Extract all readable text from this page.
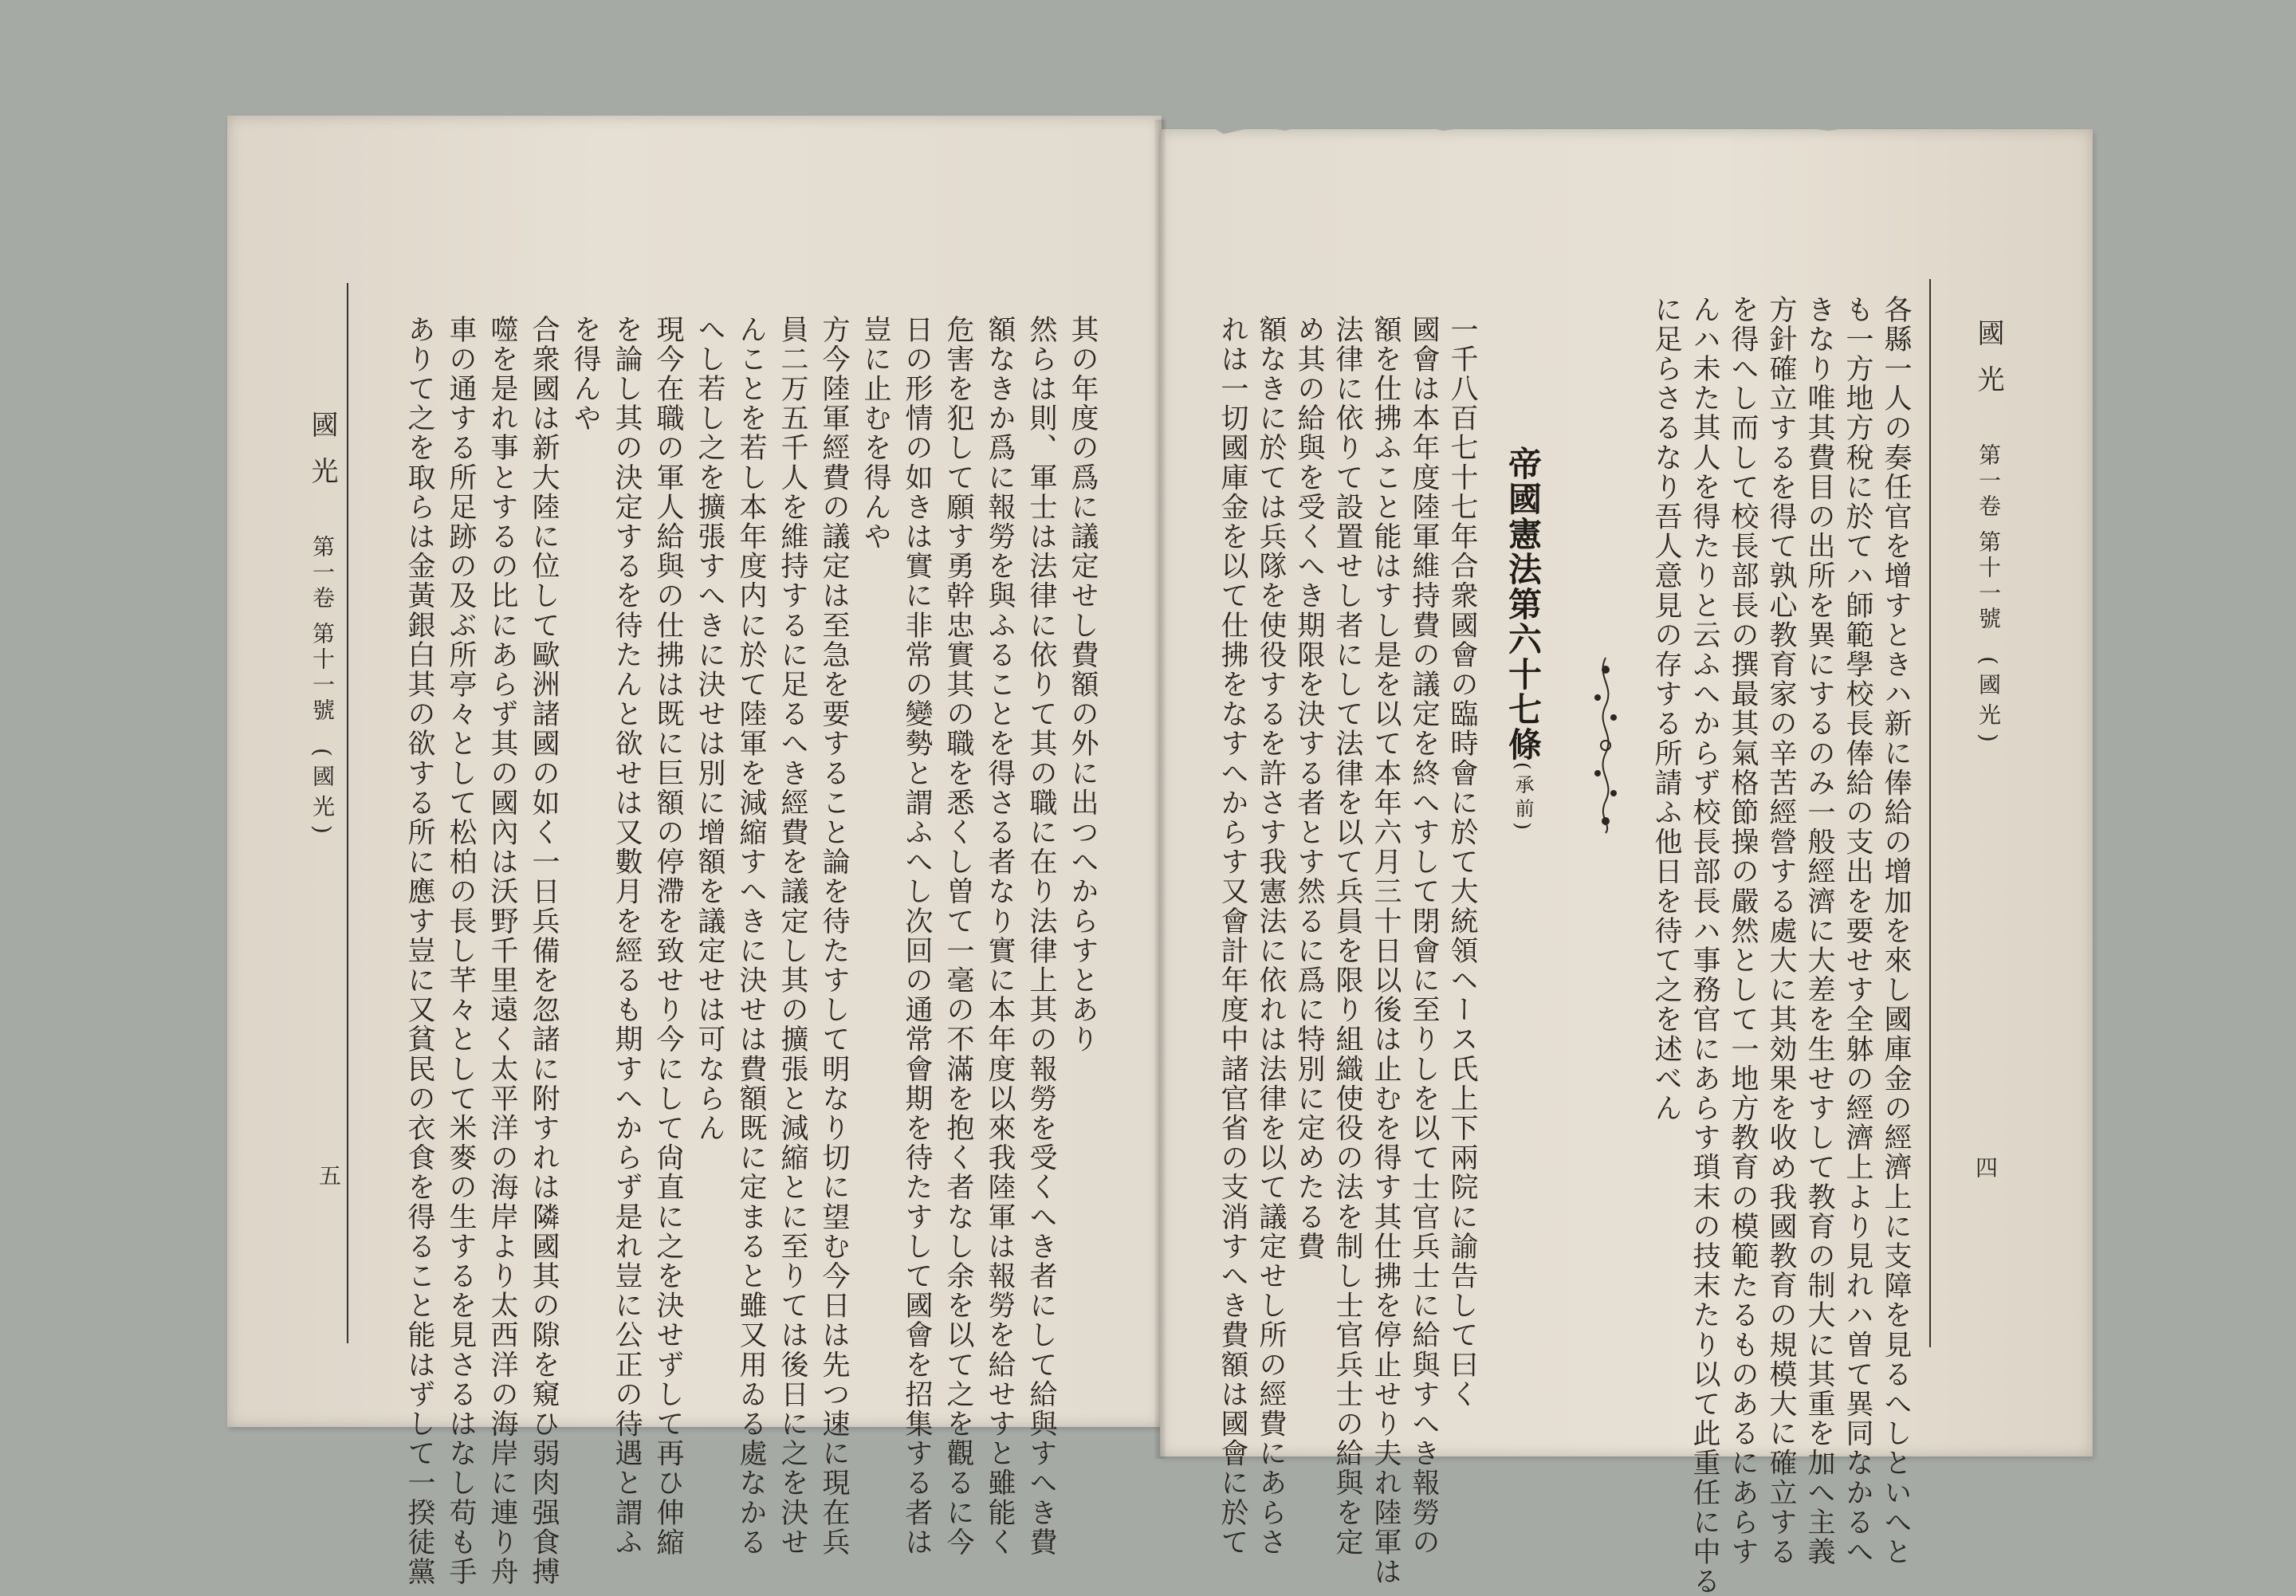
國光第一卷 第十一號(國光)
五
國光第一卷 第十一號(國光)
四
各縣一人の奏任官を增すときハ新に俸給の增加を來し國庫金の經濟上に支障を見るへしといへと
も一方地方稅に於てハ師範學校長俸給の支出を要せす全躰の經濟上より見れハ曽て異同なかるへ
きなり唯其費目の出所を異にするのみ一般經濟に大差を生せすして教育の制大に其重を加へ主義
方針確立するを得て孰心教育家の辛苦經營する處大に其効果を收め我國教育の規模大に確立する
を得へし而して校長部長の撰最其氣格節操の嚴然として一地方教育の模範たるものあるにあらす
んハ未た其人を得たりと云ふへからず校長部長ハ事務官にあらす瑣末の技末たり以て此重任に中る
に足らさるなり吾人意見の存する所請ふ他日を待て之を述べん
帝國憲法第六十七條(承前)
一千八百七十七年合衆國會の臨時會に於て大統領ヘース氏上下兩院に諭告して曰く
國會は本年度陸軍維持費の議定を終へすして閉會に至りしを以て士官兵士に給與すへき報勞の
額を仕拂ふこと能はすし是を以て本年六月三十日以後は止むを得す其仕拂を停止せり夫れ陸軍は
法律に依りて設置せし者にして法律を以て兵員を限り組織使役の法を制し士官兵士の給與を定
め其の給與を受くへき期限を決する者とす然るに爲に特別に定めたる費
額なきに於ては兵隊を使役するを許さす我憲法に依れは法律を以て議定せし所の經費にあらさ
れは一切國庫金を以て仕拂をなすへからす又會計年度中諸官省の支消すへき費額は國會に於て
其の年度の爲に議定せし費額の外に出つへからすとあり
然らは則、軍士は法律に依りて其の職に在り法律上其の報勞を受くへき者にして給與すへき費
額なきか爲に報勞を與ふることを得さる者なり實に本年度以來我陸軍は報勞を給せすと雖能く
危害を犯して願す勇幹忠實其の職を悉くし曽て一毫の不滿を抱く者なし余を以て之を觀るに今
日の形情の如きは實に非常の變勢と謂ふへし次回の通常會期を待たすして國會を招集する者は
豈に止むを得んや
方今陸軍經費の議定は至急を要すること論を待たすして明なり切に望む今日は先つ速に現在兵
員二万五千人を維持するに足るへき經費を議定し其の擴張と減縮とに至りては後日に之を決せ
んことを若し本年度内に於て陸軍を減縮すへきに決せは費額既に定まると雖又用ゐる處なかる
へし若し之を擴張すへきに決せは別に增額を議定せは可ならん
現今在職の軍人給與の仕拂は既に巨額の停滯を致せり今にして尙直に之を決せずして再ひ伸縮
を論し其の決定するを待たんと欲せは又數月を經るも期すへからず是れ豈に公正の待遇と謂ふ
を得んや
合衆國は新大陸に位して歐洲諸國の如く一日兵備を忽諸に附すれは隣國其の隙を窺ひ弱肉强食搏
噬を是れ事とするの比にあらず其の國內は沃野千里遠く太平洋の海岸より太西洋の海岸に連り舟
車の通する所足跡の及ぶ所亭々として松柏の長し芊々として米麥の生するを見さるはなし苟も手
ありて之を取らは金黃銀白其の欲する所に應す豈に又貧民の衣食を得ること能はずして一揆徒黨
